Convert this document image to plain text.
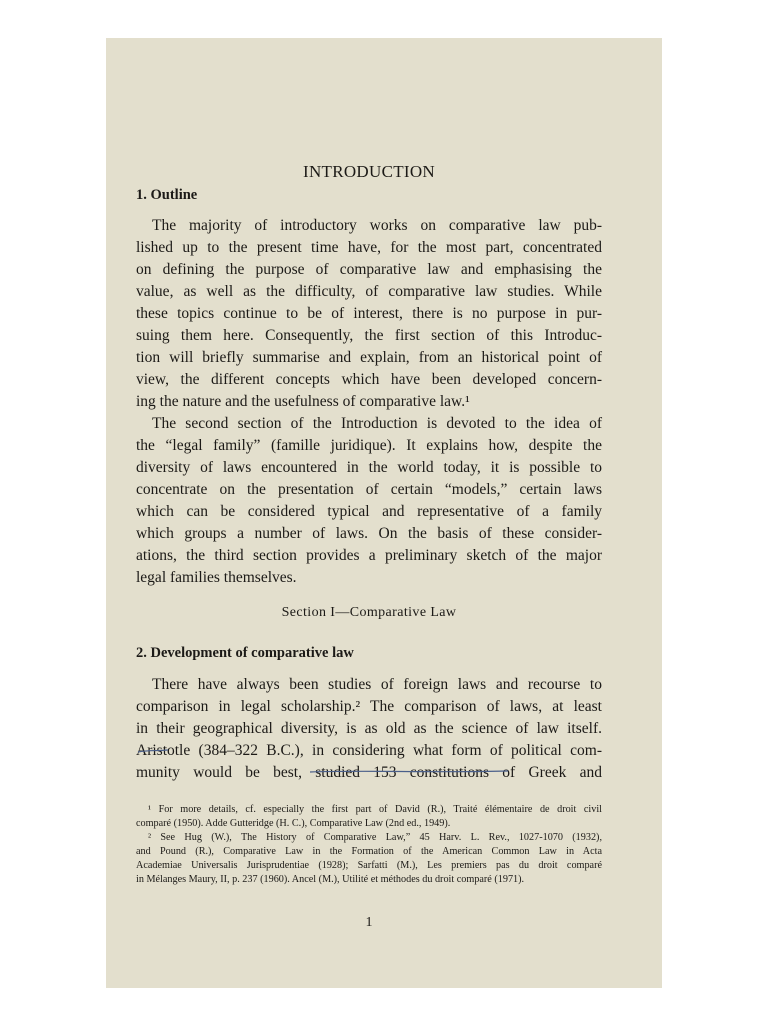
INTRODUCTION
1. Outline
The majority of introductory works on comparative law pub-
lished up to the present time have, for the most part, concentrated
on defining the purpose of comparative law and emphasising the
value, as well as the difficulty, of comparative law studies. While
these topics continue to be of interest, there is no purpose in pur-
suing them here. Consequently, the first section of this Introduc-
tion will briefly summarise and explain, from an historical point of
view, the different concepts which have been developed concern-
ing the nature and the usefulness of comparative law.¹
The second section of the Introduction is devoted to the idea of
the “legal family” (famille juridique). It explains how, despite the
diversity of laws encountered in the world today, it is possible to
concentrate on the presentation of certain “models,” certain laws
which can be considered typical and representative of a family
which groups a number of laws. On the basis of these consider-
ations, the third section provides a preliminary sketch of the major
legal families themselves.
Section I—Comparative Law
2. Development of comparative law
There have always been studies of foreign laws and recourse to
comparison in legal scholarship.² The comparison of laws, at least
in their geographical diversity, is as old as the science of law itself.
Aristotle (384–322 B.C.), in considering what form of political com-
munity would be best, studied 153 constitutions of Greek and
¹ For more details, cf. especially the first part of David (R.), Traité élémentaire de droit civil
comparé (1950). Adde Gutteridge (H. C.), Comparative Law (2nd ed., 1949).
² See Hug (W.), The History of Comparative Law,” 45 Harv. L. Rev., 1027-1070 (1932),
and Pound (R.), Comparative Law in the Formation of the American Common Law in Acta
Academiae Universalis Jurisprudentiae (1928); Sarfatti (M.), Les premiers pas du droit comparé
in Mélanges Maury, II, p. 237 (1960). Ancel (M.), Utilité et méthodes du droit comparé (1971).
1
